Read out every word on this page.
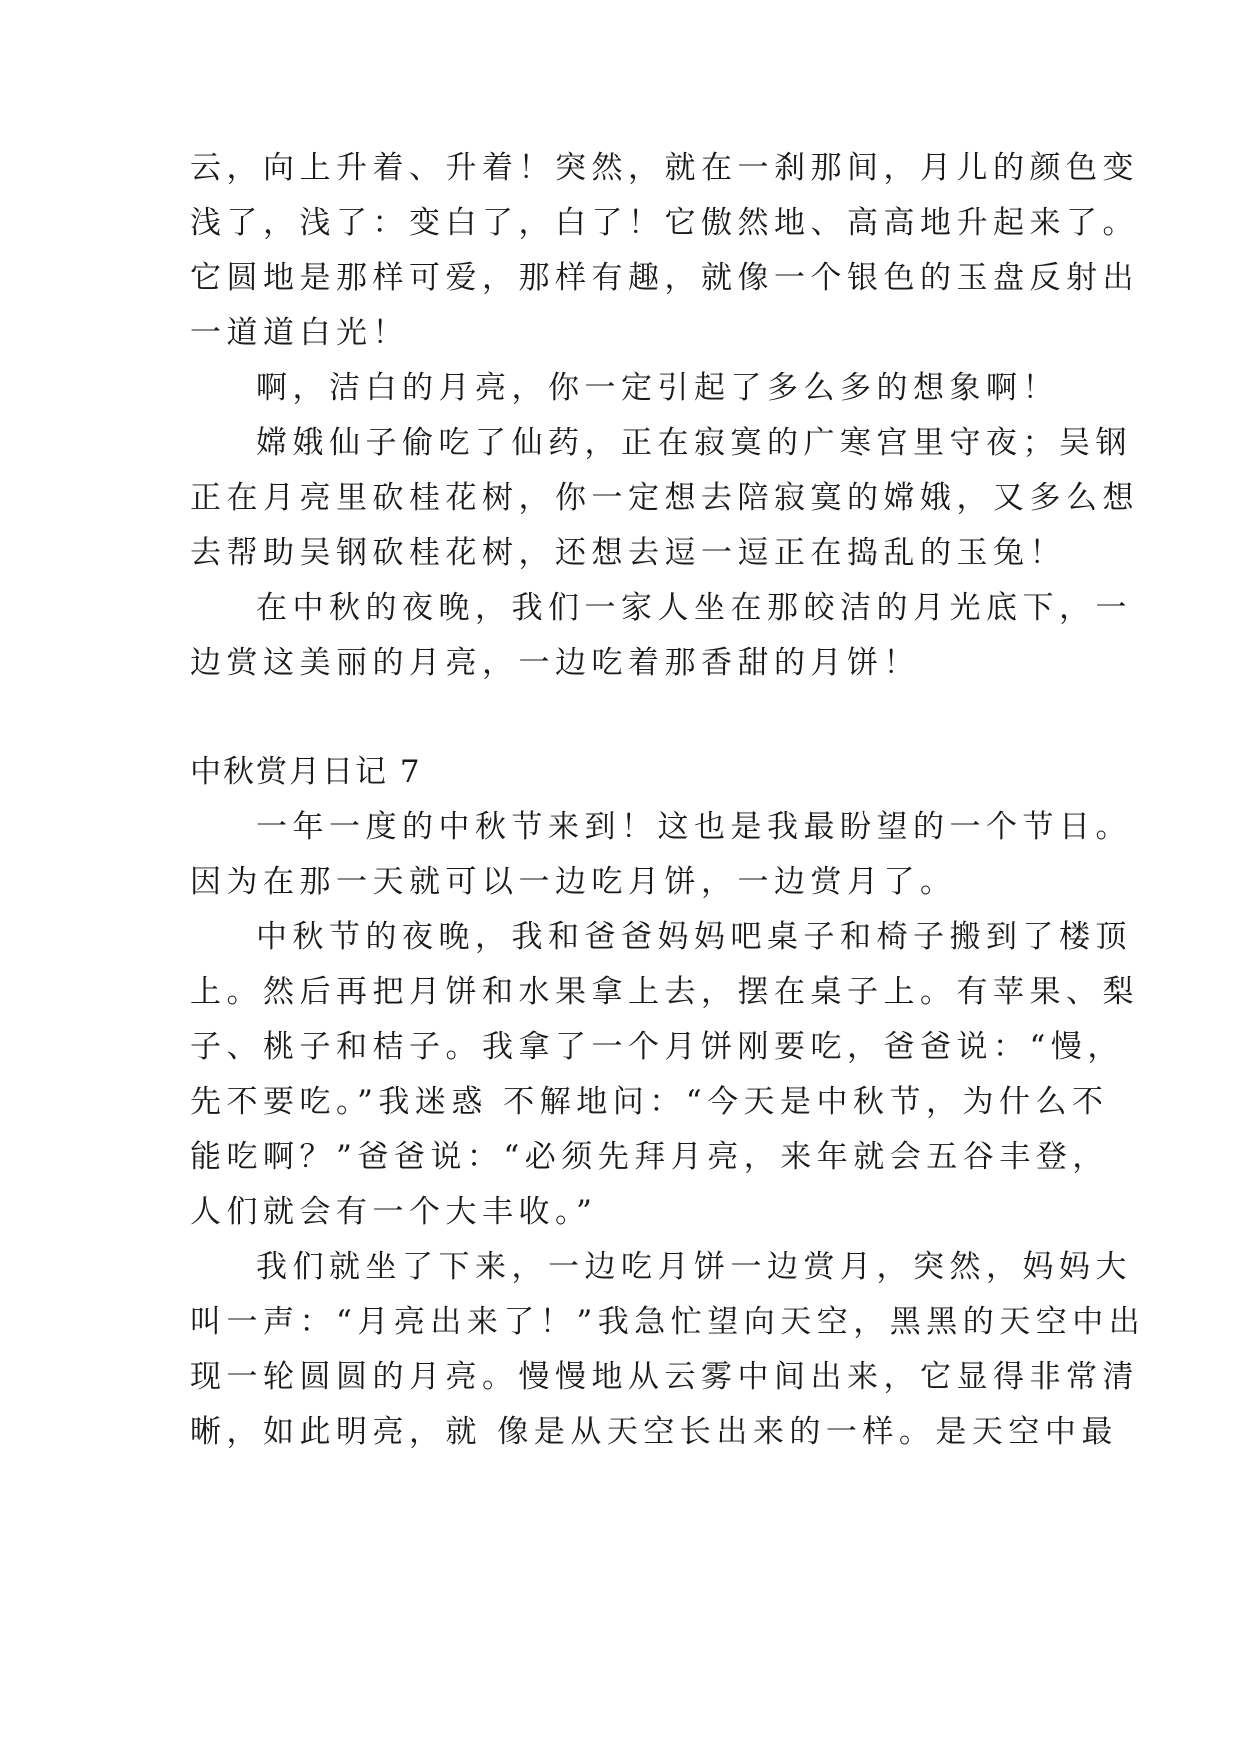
云，向上升着、升着！突然，就在一刹那间，月儿的颜色变
浅了，浅了：变白了，白了！它傲然地、高高地升起来了。
它圆地是那样可爱，那样有趣，就像一个银色的玉盘反射出
一道道白光！
啊，洁白的月亮，你一定引起了多么多的想象啊！
嫦娥仙子偷吃了仙药，正在寂寞的广寒宫里守夜；吴钢
正在月亮里砍桂花树，你一定想去陪寂寞的嫦娥，又多么想
去帮助吴钢砍桂花树，还想去逗一逗正在捣乱的玉兔！
在中秋的夜晚，我们一家人坐在那皎洁的月光底下，一
边赏这美丽的月亮，一边吃着那香甜的月饼！
中秋赏月日记 7
一年一度的中秋节来到！这也是我最盼望的一个节日。
因为在那一天就可以一边吃月饼，一边赏月了。
中秋节的夜晚，我和爸爸妈妈吧桌子和椅子搬到了楼顶
上。然后再把月饼和水果拿上去，摆在桌子上。有苹果、梨
子、桃子和桔子。我拿了一个月饼刚要吃，爸爸说：“慢，
先不要吃。”我迷惑 不解地问：“今天是中秋节，为什么不
能吃啊？”爸爸说：“必须先拜月亮，来年就会五谷丰登，
人们就会有一个大丰收。”
我们就坐了下来，一边吃月饼一边赏月，突然，妈妈大
叫一声：“月亮出来了！”我急忙望向天空，黑黑的天空中出
现一轮圆圆的月亮。慢慢地从云雾中间出来，它显得非常清
晰，如此明亮，就 像是从天空长出来的一样。是天空中最
